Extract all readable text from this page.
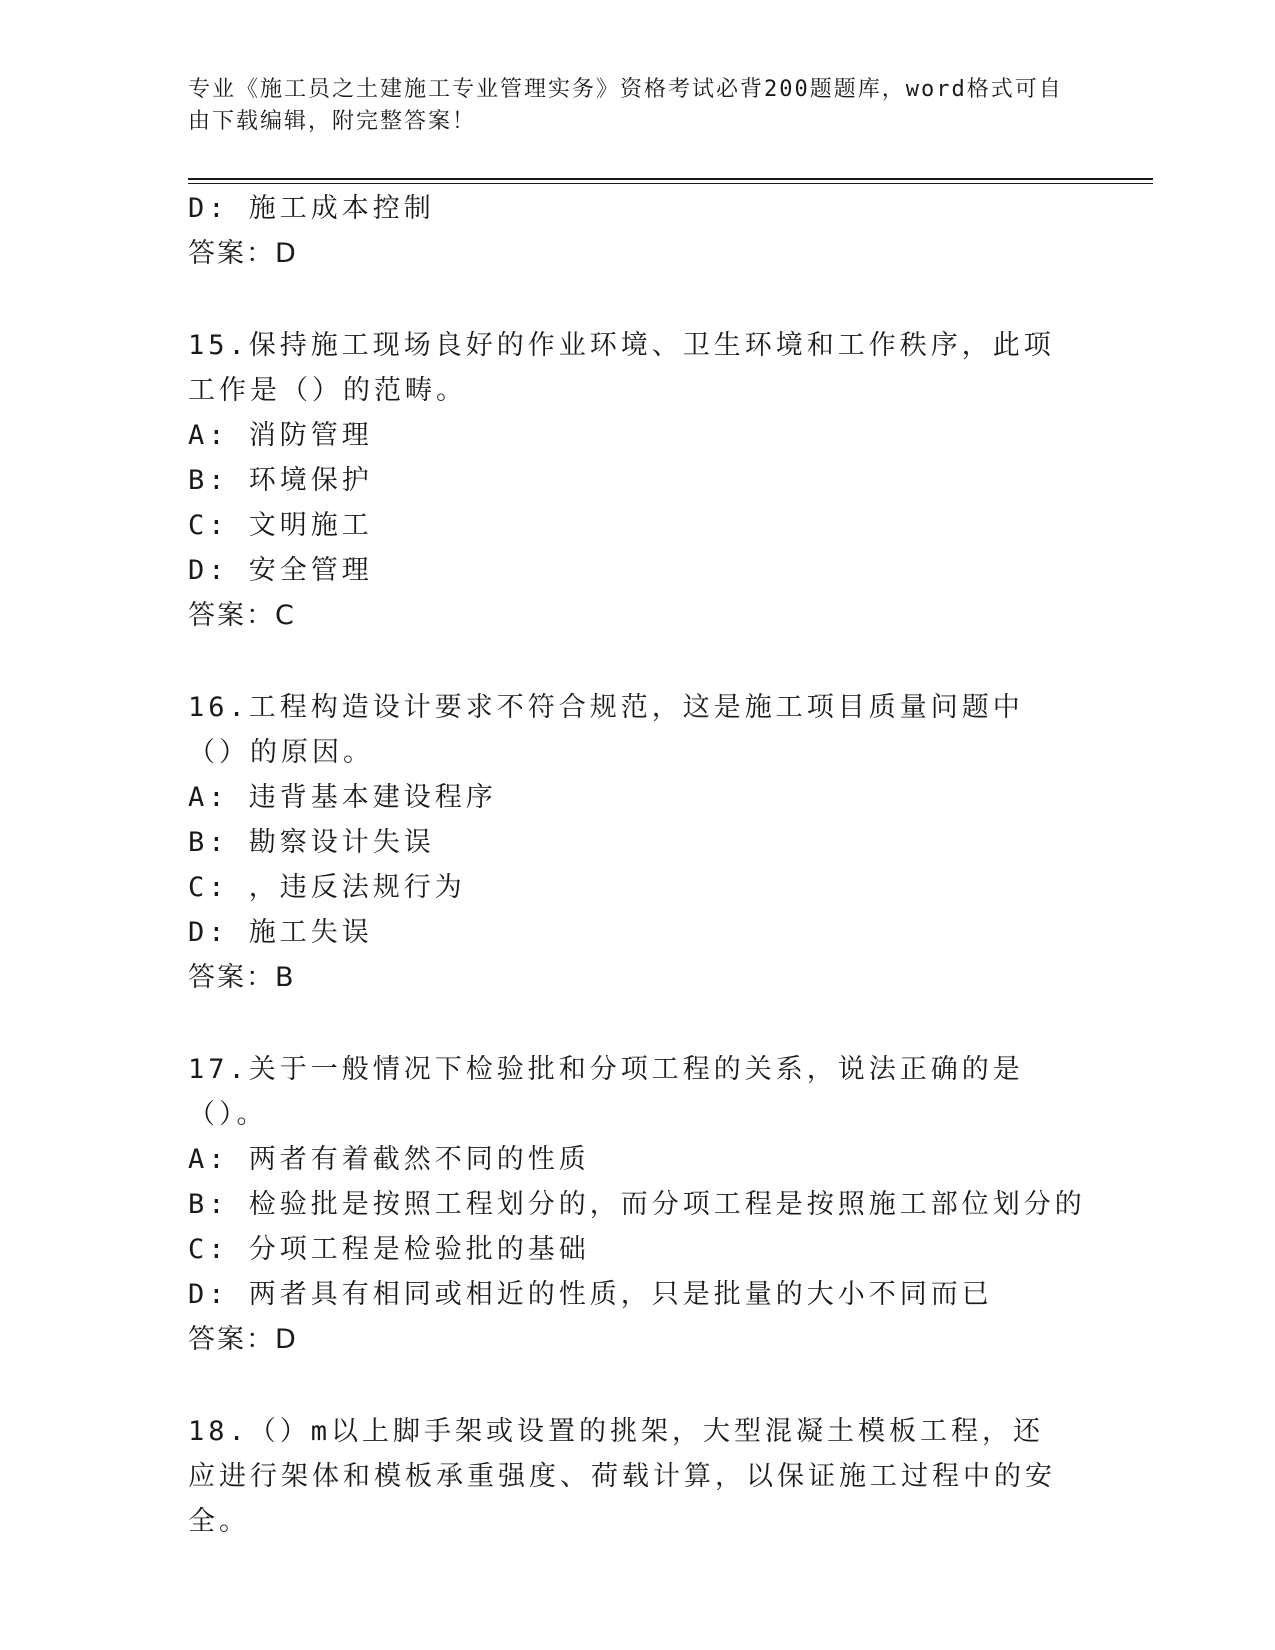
专业《施工员之土建施工专业管理实务》资格考试必背200题题库，word格式可自由下载编辑，附完整答案！
D: 施工成本控制
答案：D
15.保持施工现场良好的作业环境、卫生环境和工作秩序，此项工作是（）的范畴。
A: 消防管理
B: 环境保护
C: 文明施工
D: 安全管理
答案：C
16.工程构造设计要求不符合规范，这是施工项目质量问题中（）的原因。
A: 违背基本建设程序
B: 勘察设计失误
C: ，违反法规行为
D: 施工失误
答案：B
17.关于一般情况下检验批和分项工程的关系，说法正确的是（）。
A: 两者有着截然不同的性质
B: 检验批是按照工程划分的，而分项工程是按照施工部位划分的
C: 分项工程是检验批的基础
D: 两者具有相同或相近的性质，只是批量的大小不同而已
答案：D
18.（）m以上脚手架或设置的挑架，大型混凝土模板工程，还应进行架体和模板承重强度、荷载计算，以保证施工过程中的安全。
